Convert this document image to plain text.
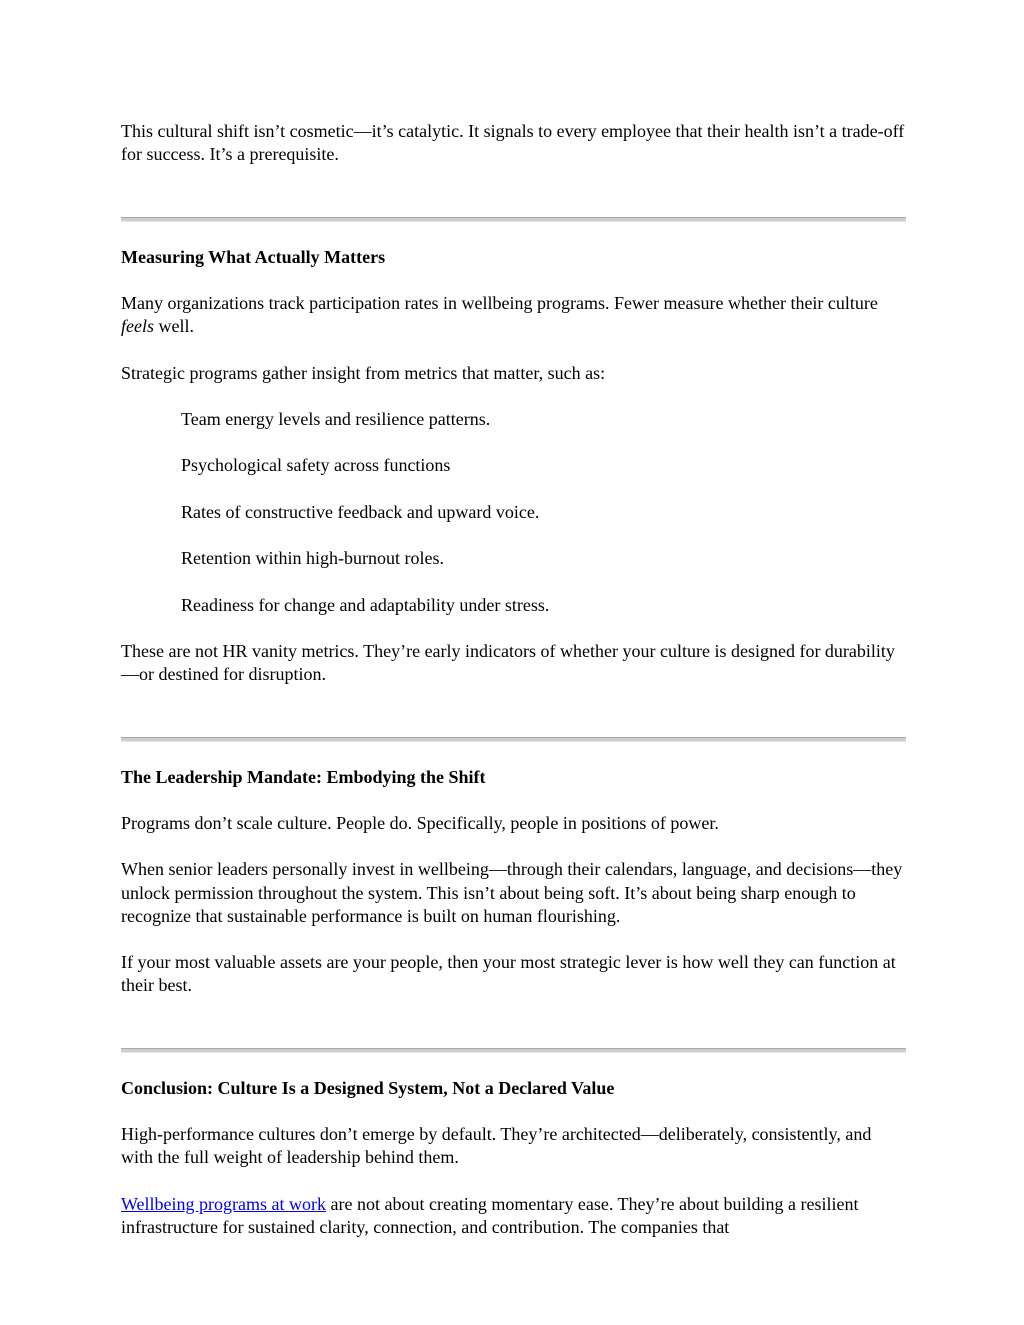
This cultural shift isn’t cosmetic—it’s catalytic. It signals to every employee that their health isn’t a trade-off for success. It’s a prerequisite.

Measuring What Actually Matters

Many organizations track participation rates in wellbeing programs. Fewer measure whether their culture feels well.

Strategic programs gather insight from metrics that matter, such as:

Team energy levels and resilience patterns.

Psychological safety across functions

Rates of constructive feedback and upward voice.

Retention within high-burnout roles.

Readiness for change and adaptability under stress.

These are not HR vanity metrics. They’re early indicators of whether your culture is designed for durability—or destined for disruption.

The Leadership Mandate: Embodying the Shift

Programs don’t scale culture. People do. Specifically, people in positions of power.

When senior leaders personally invest in wellbeing—through their calendars, language, and decisions—they unlock permission throughout the system. This isn’t about being soft. It’s about being sharp enough to recognize that sustainable performance is built on human flourishing.

If your most valuable assets are your people, then your most strategic lever is how well they can function at their best.

Conclusion: Culture Is a Designed System, Not a Declared Value

High-performance cultures don’t emerge by default. They’re architected—deliberately, consistently, and with the full weight of leadership behind them.

Wellbeing programs at work are not about creating momentary ease. They’re about building a resilient infrastructure for sustained clarity, connection, and contribution. The companies that
